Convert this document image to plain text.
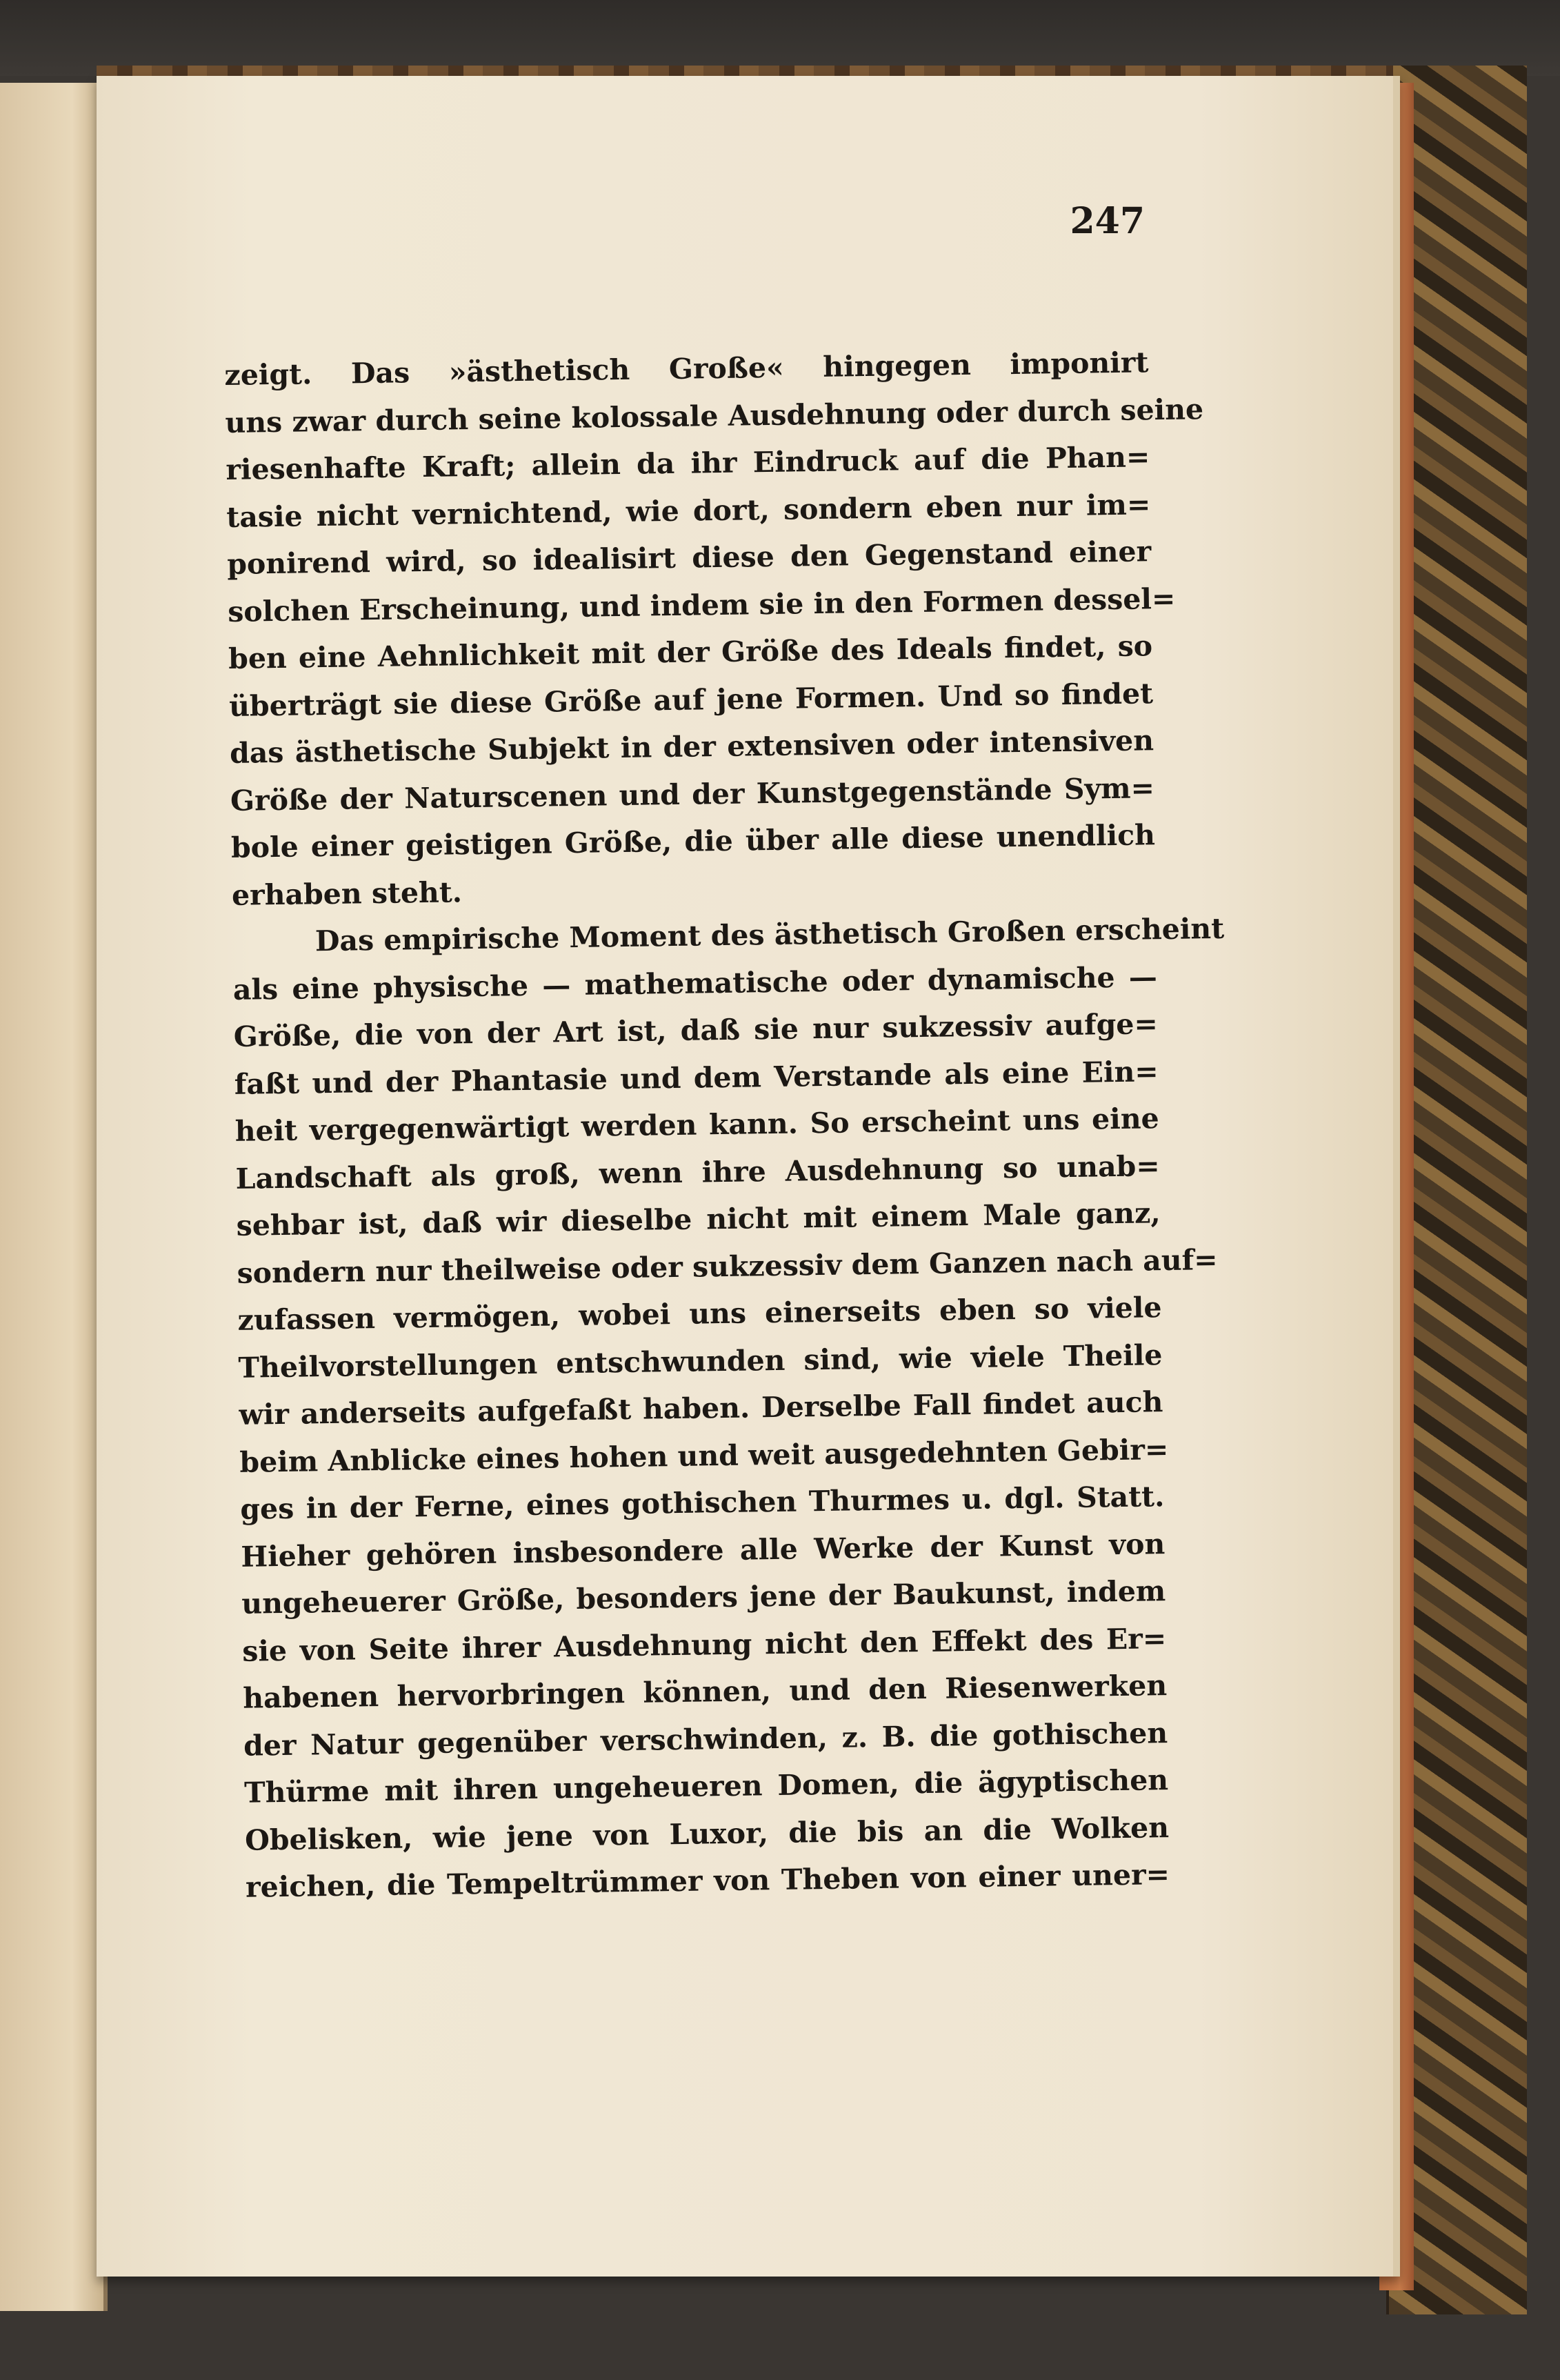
247
zeigt. Das »ästhetisch Große« hingegen imponirt
uns zwar durch seine kolossale Ausdehnung oder durch seine
riesenhafte Kraft; allein da ihr Eindruck auf die Phan=
tasie nicht vernichtend, wie dort, sondern eben nur im=
ponirend wird, so idealisirt diese den Gegenstand einer
solchen Erscheinung, und indem sie in den Formen dessel=
ben eine Aehnlichkeit mit der Größe des Ideals findet, so
überträgt sie diese Größe auf jene Formen. Und so findet
das ästhetische Subjekt in der extensiven oder intensiven
Größe der Naturscenen und der Kunstgegenstände Sym=
bole einer geistigen Größe, die über alle diese unendlich
erhaben steht.
Das empirische Moment des ästhetisch Großen erscheint
als eine physische — mathematische oder dynamische —
Größe, die von der Art ist, daß sie nur sukzessiv aufge=
faßt und der Phantasie und dem Verstande als eine Ein=
heit vergegenwärtigt werden kann. So erscheint uns eine
Landschaft als groß, wenn ihre Ausdehnung so unab=
sehbar ist, daß wir dieselbe nicht mit einem Male ganz,
sondern nur theilweise oder sukzessiv dem Ganzen nach auf=
zufassen vermögen, wobei uns einerseits eben so viele
Theilvorstellungen entschwunden sind, wie viele Theile
wir anderseits aufgefaßt haben. Derselbe Fall findet auch
beim Anblicke eines hohen und weit ausgedehnten Gebir=
ges in der Ferne, eines gothischen Thurmes u. dgl. Statt.
Hieher gehören insbesondere alle Werke der Kunst von
ungeheuerer Größe, besonders jene der Baukunst, indem
sie von Seite ihrer Ausdehnung nicht den Effekt des Er=
habenen hervorbringen können, und den Riesenwerken
der Natur gegenüber verschwinden, z. B. die gothischen
Thürme mit ihren ungeheueren Domen, die ägyptischen
Obelisken, wie jene von Luxor, die bis an die Wolken
reichen, die Tempeltrümmer von Theben von einer uner=
